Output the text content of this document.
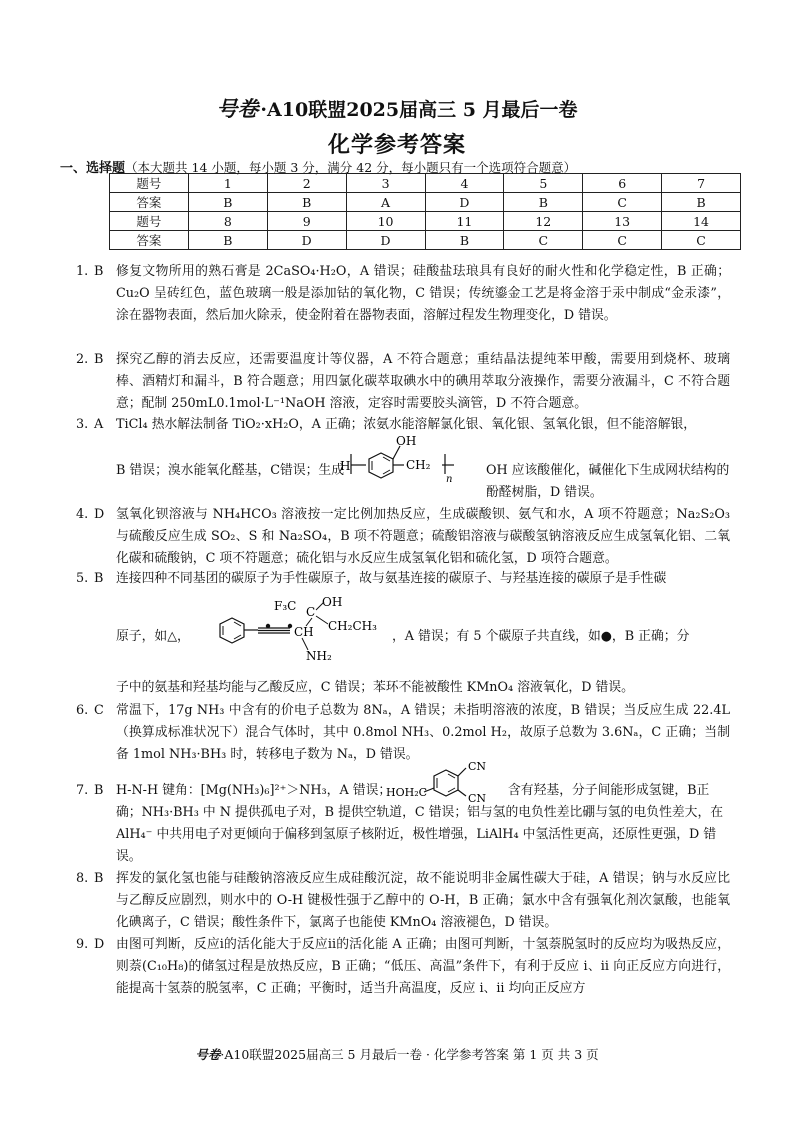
号卷 ·A10联盟2025届高三 5 月最后一卷
化学参考答案
一、选择题（本大题共 14 小题，每小题 3 分，满分 42 分，每小题只有一个选项符合题意）
题号	1	2	3	4	5	6	7
答案	B	B	A	D	B	C	B
题号	8	9	10	11	12	13	14
答案	B	D	D	B	C	C	C
1. B 修复文物所用的熟石膏是 2CaSO₄·H₂O，A 错误；硅酸盐珐琅具有良好的耐火性和化学稳定性，B 正确；Cu₂O 呈砖红色，蓝色玻璃一般是添加钴的氧化物，C 错误；传统鎏金工艺是将金溶于汞中制成“金汞漆”，涂在器物表面，然后加火除汞，使金附着在器物表面，溶解过程发生物理变化，D 错误。
2. B 探究乙醇的消去反应，还需要温度计等仪器，A 不符合题意；重结晶法提纯苯甲酸，需要用到烧杯、玻璃棒、酒精灯和漏斗，B 符合题意；用四氯化碳萃取碘水中的碘用萃取分液操作，需要分液漏斗，C 不符合题意；配制 250mL0.1mol·L⁻¹NaOH 溶液，定容时需要胶头滴管，D 不符合题意。
3. A TiCl₄ 热水解法制备 TiO₂·xH₂O，A 正确；浓氨水能溶解氯化银、氧化银、氢氧化银，但不能溶解银，
B 错误；溴水能氧化醛基，C错误；生成
H
OH
CH₂
n
OH 应该酸催化，碱催化下生成网状结构的酚醛树脂，D 错误。
4. D 氢氧化钡溶液与 NH₄HCO₃ 溶液按一定比例加热反应，生成碳酸钡、氨气和水，A 项不符题意；Na₂S₂O₃ 与硫酸反应生成 SO₂、S 和 Na₂SO₄，B 项不符题意；硫酸铝溶液与碳酸氢钠溶液反应生成氢氧化铝、二氧化碳和硫酸钠，C 项不符题意；硫化铝与水反应生成氢氧化铝和硫化氢，D 项符合题意。
5. B 连接四种不同基团的碳原子为手性碳原子，故与氨基连接的碳原子、与羟基连接的碳原子是手性碳
原子，如△，
F₃C C
OH
CH CH₂CH₃
NH₂
，A 错误；有 5 个碳原子共直线，如●，B 正确；分
子中的氨基和羟基均能与乙酸反应，C 错误；苯环不能被酸性 KMnO₄ 溶液氧化，D 错误。
6. C 常温下，17g NH₃ 中含有的价电子总数为 8Nₐ，A 错误；未指明溶液的浓度，B 错误；当反应生成 22.4L（换算成标准状况下）混合气体时，其中 0.8mol NH₃、0.2mol H₂，故原子总数为 3.6Nₐ，C 正确；当制备 1mol NH₃·BH₃ 时，转移电子数为 Nₐ，D 错误。
7. B H-N-H 键角：[Mg(NH₃)₆]²⁺＞NH₃，A 错误；
HOH₂C
CN
CN
含有羟基，分子间能形成氢键，B正确；NH₃·BH₃ 中 N 提供孤电子对，B 提供空轨道，C 错误；铝与氢的电负性差比硼与氢的电负性差大，在 AlH₄⁻ 中共用电子对更倾向于偏移到氢原子核附近，极性增强，LiAlH₄ 中氢活性更高，还原性更强，D 错误。
8. B 挥发的氯化氢也能与硅酸钠溶液反应生成硅酸沉淀，故不能说明非金属性碳大于硅，A 错误；钠与水反应比与乙醇反应剧烈，则水中的 O-H 键极性强于乙醇中的 O-H，B 正确；氯水中含有强氧化剂次氯酸，也能氧化碘离子，C 错误；酸性条件下，氯离子也能使 KMnO₄ 溶液褪色，D 错误。
9. D 由图可判断，反应i的活化能大于反应ii的活化能 A 正确；由图可判断，十氢萘脱氢时的反应均为吸热反应，则萘(C₁₀H₈)的储氢过程是放热反应，B 正确；“低压、高温”条件下，有利于反应 i、ii 向正反应方向进行，能提高十氢萘的脱氢率，C 正确；平衡时，适当升高温度，反应 i、ii 均向正反应方
号卷·A10联盟2025届高三 5 月最后一卷 · 化学参考答案 第 1 页 共 3 页
